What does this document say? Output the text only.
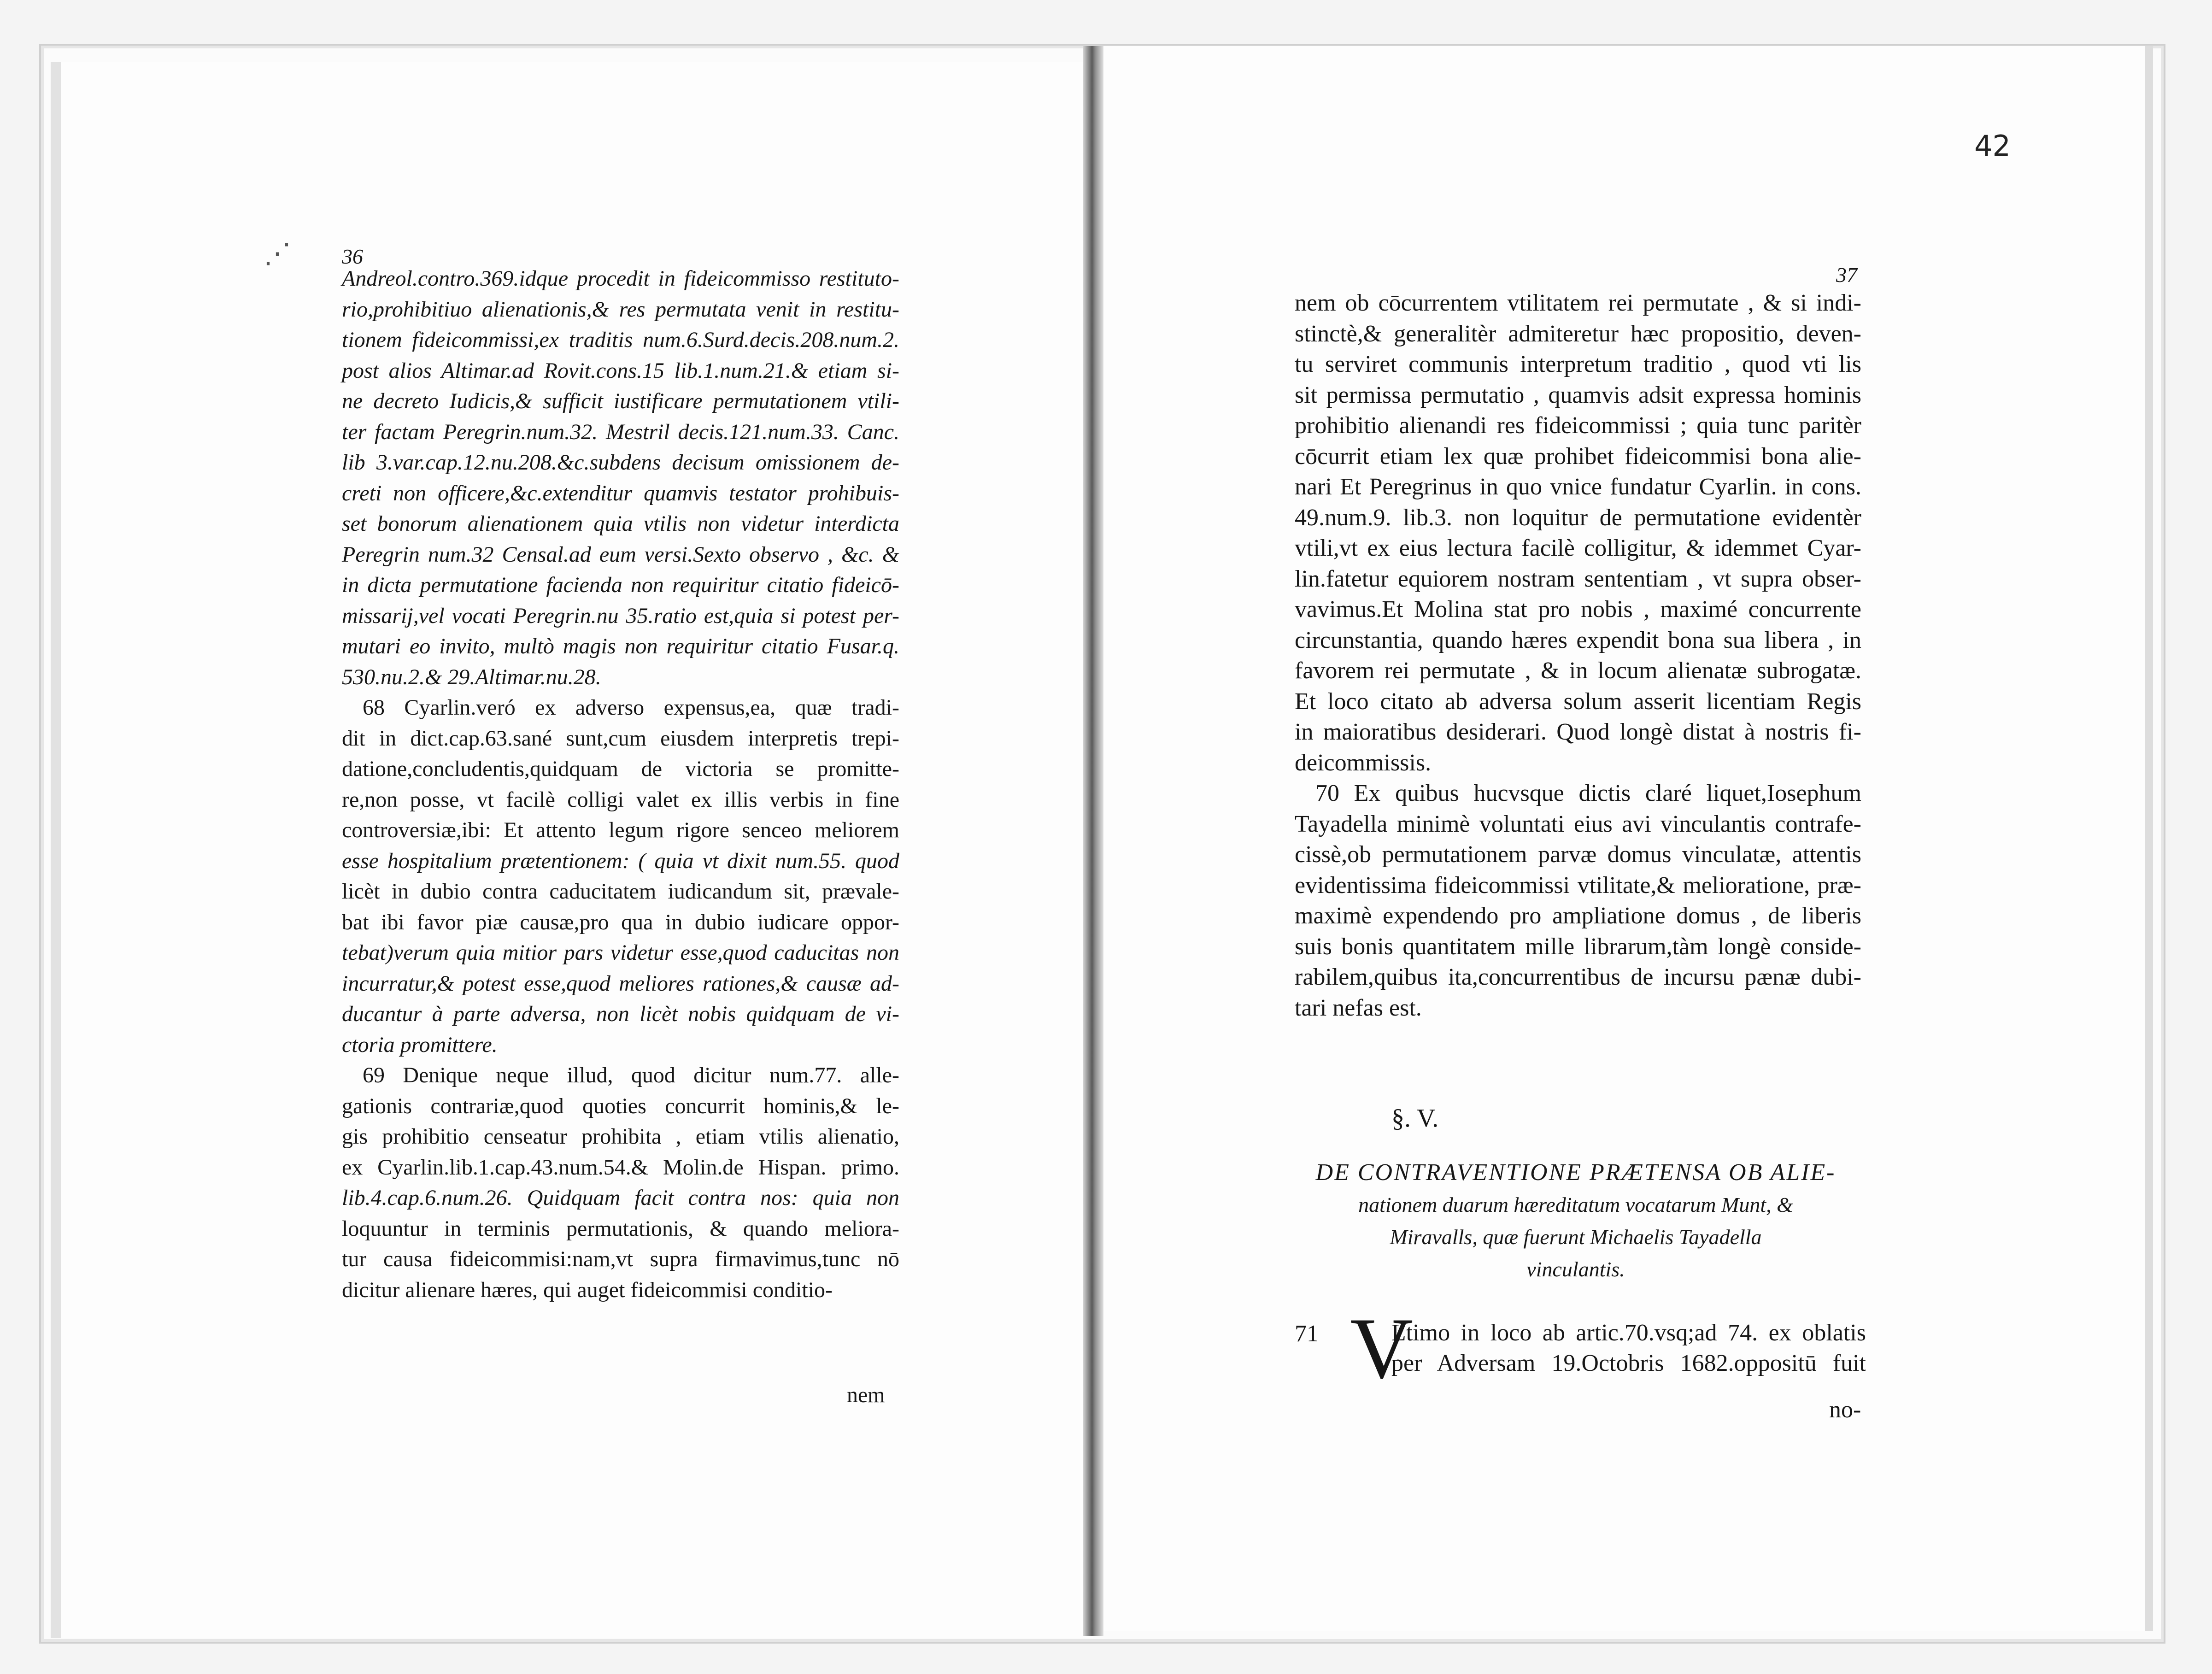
⋰ 36
37
42
Andreol.contro.369.idque procedit in fideicommisso restituto-
rio,prohibitiuo alienationis,& res permutata venit in restitu-
tionem fideicommissi,ex traditis num.6.Surd.decis.208.num.2.
post alios Altimar.ad Rovit.cons.15 lib.1.num.21.& etiam si-
ne decreto Iudicis,& sufficit iustificare permutationem vtili-
ter factam Peregrin.num.32. Mestril decis.121.num.33. Canc.
lib 3.var.cap.12.nu.208.&c.subdens decisum omissionem de-
creti non officere,&c.extenditur quamvis testator prohibuis-
set bonorum alienationem quia vtilis non videtur interdicta
Peregrin num.32 Censal.ad eum versi.Sexto observo , &c. &
in dicta permutatione facienda non requiritur citatio fideicō-
missarij,vel vocati Peregrin.nu 35.ratio est,quia si potest per-
mutari eo invito, multò magis non requiritur citatio Fusar.q.
530.nu.2.& 29.Altimar.nu.28.
68 Cyarlin.veró ex adverso expensus,ea, quæ tradi-
dit in dict.cap.63.sané sunt,cum eiusdem interpretis trepi-
datione,concludentis,quidquam de victoria se promitte-
re,non posse, vt facilè colligi valet ex illis verbis in fine
controversiæ,ibi: Et attento legum rigore senceo meliorem
esse hospitalium prætentionem: ( quia vt dixit num.55. quod
licèt in dubio contra caducitatem iudicandum sit, prævale-
bat ibi favor piæ causæ,pro qua in dubio iudicare oppor-
tebat)verum quia mitior pars videtur esse,quod caducitas non
incurratur,& potest esse,quod meliores rationes,& causæ ad-
ducantur à parte adversa, non licèt nobis quidquam de vi-
ctoria promittere.
69 Denique neque illud, quod dicitur num.77. alle-
gationis contrariæ,quod quoties concurrit hominis,& le-
gis prohibitio censeatur prohibita , etiam vtilis alienatio,
ex Cyarlin.lib.1.cap.43.num.54.& Molin.de Hispan. primo.
lib.4.cap.6.num.26. Quidquam facit contra nos: quia non
loquuntur in terminis permutationis, & quando meliora-
tur causa fideicommisi:nam,vt supra firmavimus,tunc nō
dicitur alienare hæres, qui auget fideicommisi conditio-
nem
nem ob cōcurrentem vtilitatem rei permutate , & si indi-
stinctè,& generalitèr admiteretur hæc propositio, deven-
tu serviret communis interpretum traditio , quod vti lis
sit permissa permutatio , quamvis adsit expressa hominis
prohibitio alienandi res fideicommissi ; quia tunc paritèr
cōcurrit etiam lex quæ prohibet fideicommisi bona alie-
nari Et Peregrinus in quo vnice fundatur Cyarlin. in cons.
49.num.9. lib.3. non loquitur de permutatione evidentèr
vtili,vt ex eius lectura facilè colligitur, & idemmet Cyar-
lin.fatetur equiorem nostram sententiam , vt supra obser-
vavimus.Et Molina stat pro nobis , maximé concurrente
circunstantia, quando hæres expendit bona sua libera , in
favorem rei permutate , & in locum alienatæ subrogatæ.
Et loco citato ab adversa solum asserit licentiam Regis
in maioratibus desiderari. Quod longè distat à nostris fi-
deicommissis.
70 Ex quibus hucvsque dictis claré liquet,Iosephum
Tayadella minimè voluntati eius avi vinculantis contrafe-
cissè,ob permutationem parvæ domus vinculatæ, attentis
evidentissima fideicommissi vtilitate,& melioratione, præ-
maximè expendendo pro ampliatione domus , de liberis
suis bonis quantitatem mille librarum,tàm longè conside-
rabilem,quibus ita,concurrentibus de incursu pænæ dubi-
tari nefas est.
§. V.
DE CONTRAVENTIONE PRÆTENSA OB ALIE-
nationem duarum hæreditatum vocatarum Munt, &
Miravalls, quæ fuerunt Michaelis Tayadella
vinculantis.
71 V
Ltimo in loco ab artic.70.vsq;ad 74. ex oblatis
per Adversam 19.Octobris 1682.oppositū fuit
no-
